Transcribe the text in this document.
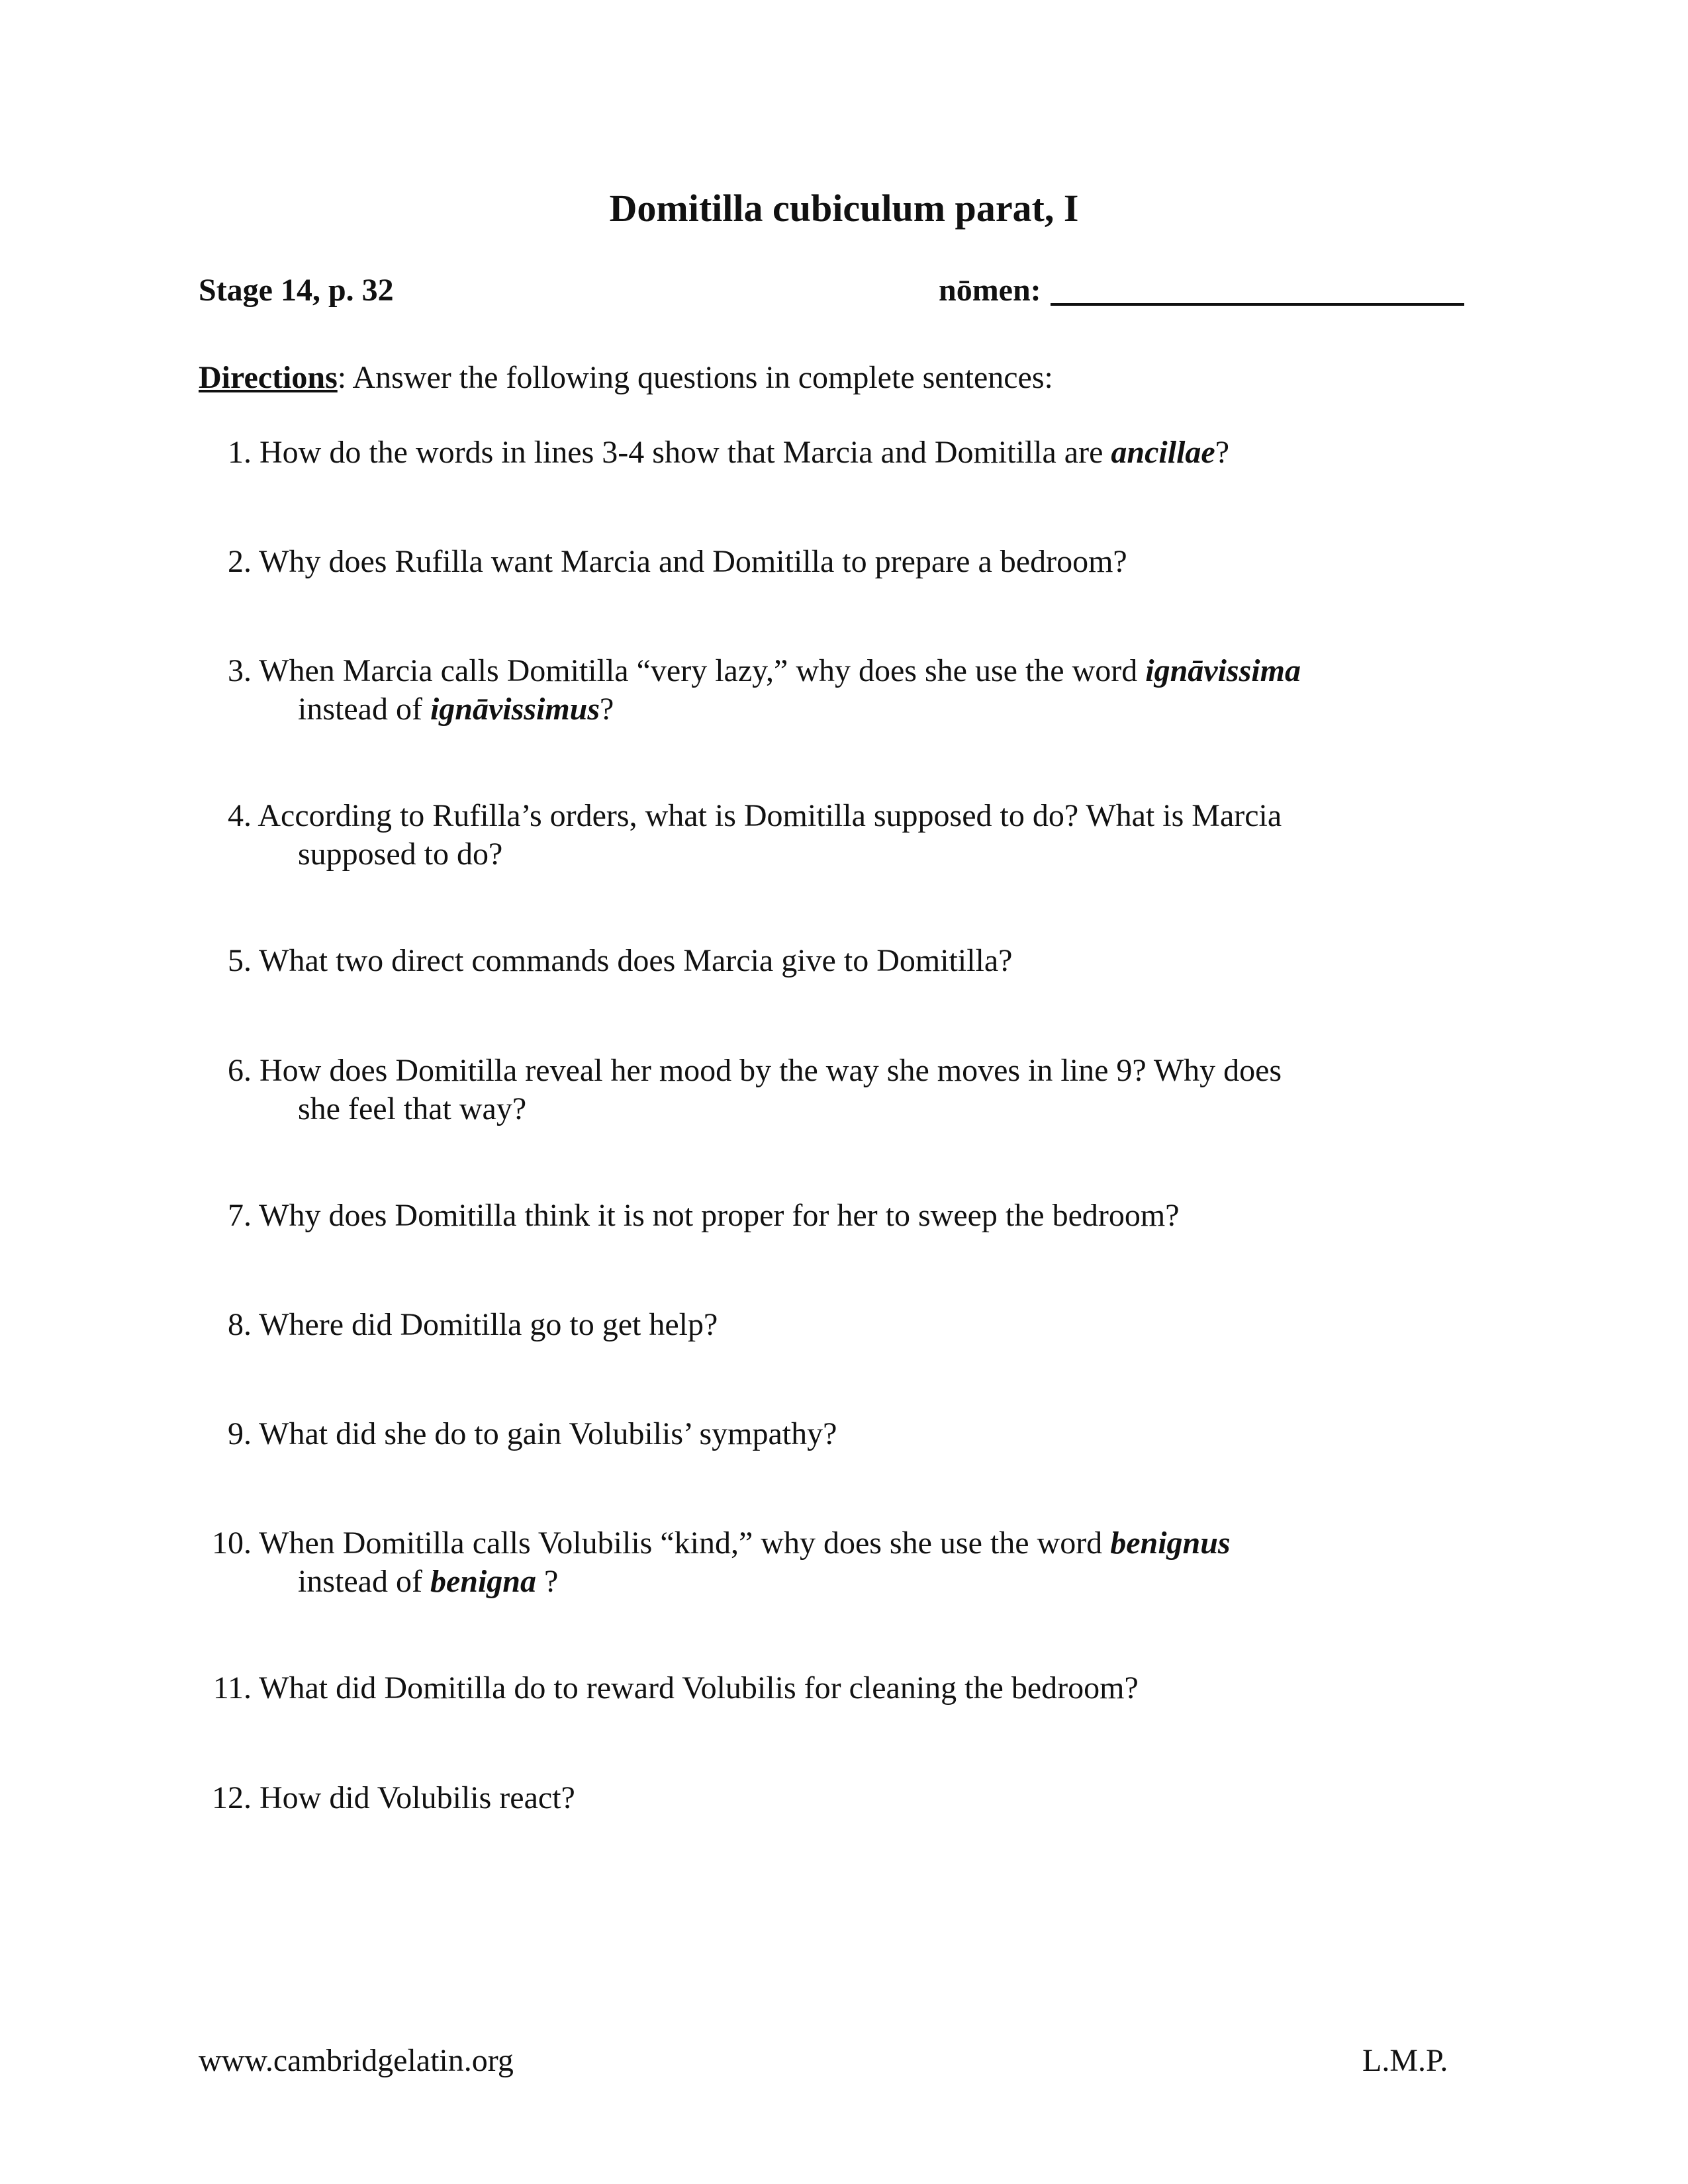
Domitilla cubiculum parat, I
Stage 14, p. 32	nōmen:
Directions: Answer the following questions in complete sentences:
1. How do the words in lines 3-4 show that Marcia and Domitilla are ancillae?
2. Why does Rufilla want Marcia and Domitilla to prepare a bedroom?
3. When Marcia calls Domitilla “very lazy,” why does she use the word ignāvissima
instead of ignāvissimus?
4. According to Rufilla’s orders, what is Domitilla supposed to do? What is Marcia
supposed to do?
5. What two direct commands does Marcia give to Domitilla?
6. How does Domitilla reveal her mood by the way she moves in line 9? Why does
she feel that way?
7. Why does Domitilla think it is not proper for her to sweep the bedroom?
8. Where did Domitilla go to get help?
9. What did she do to gain Volubilis’ sympathy?
10. When Domitilla calls Volubilis “kind,” why does she use the word benignus
instead of benigna ?
11. What did Domitilla do to reward Volubilis for cleaning the bedroom?
12. How did Volubilis react?
www.cambridgelatin.org	L.M.P.
